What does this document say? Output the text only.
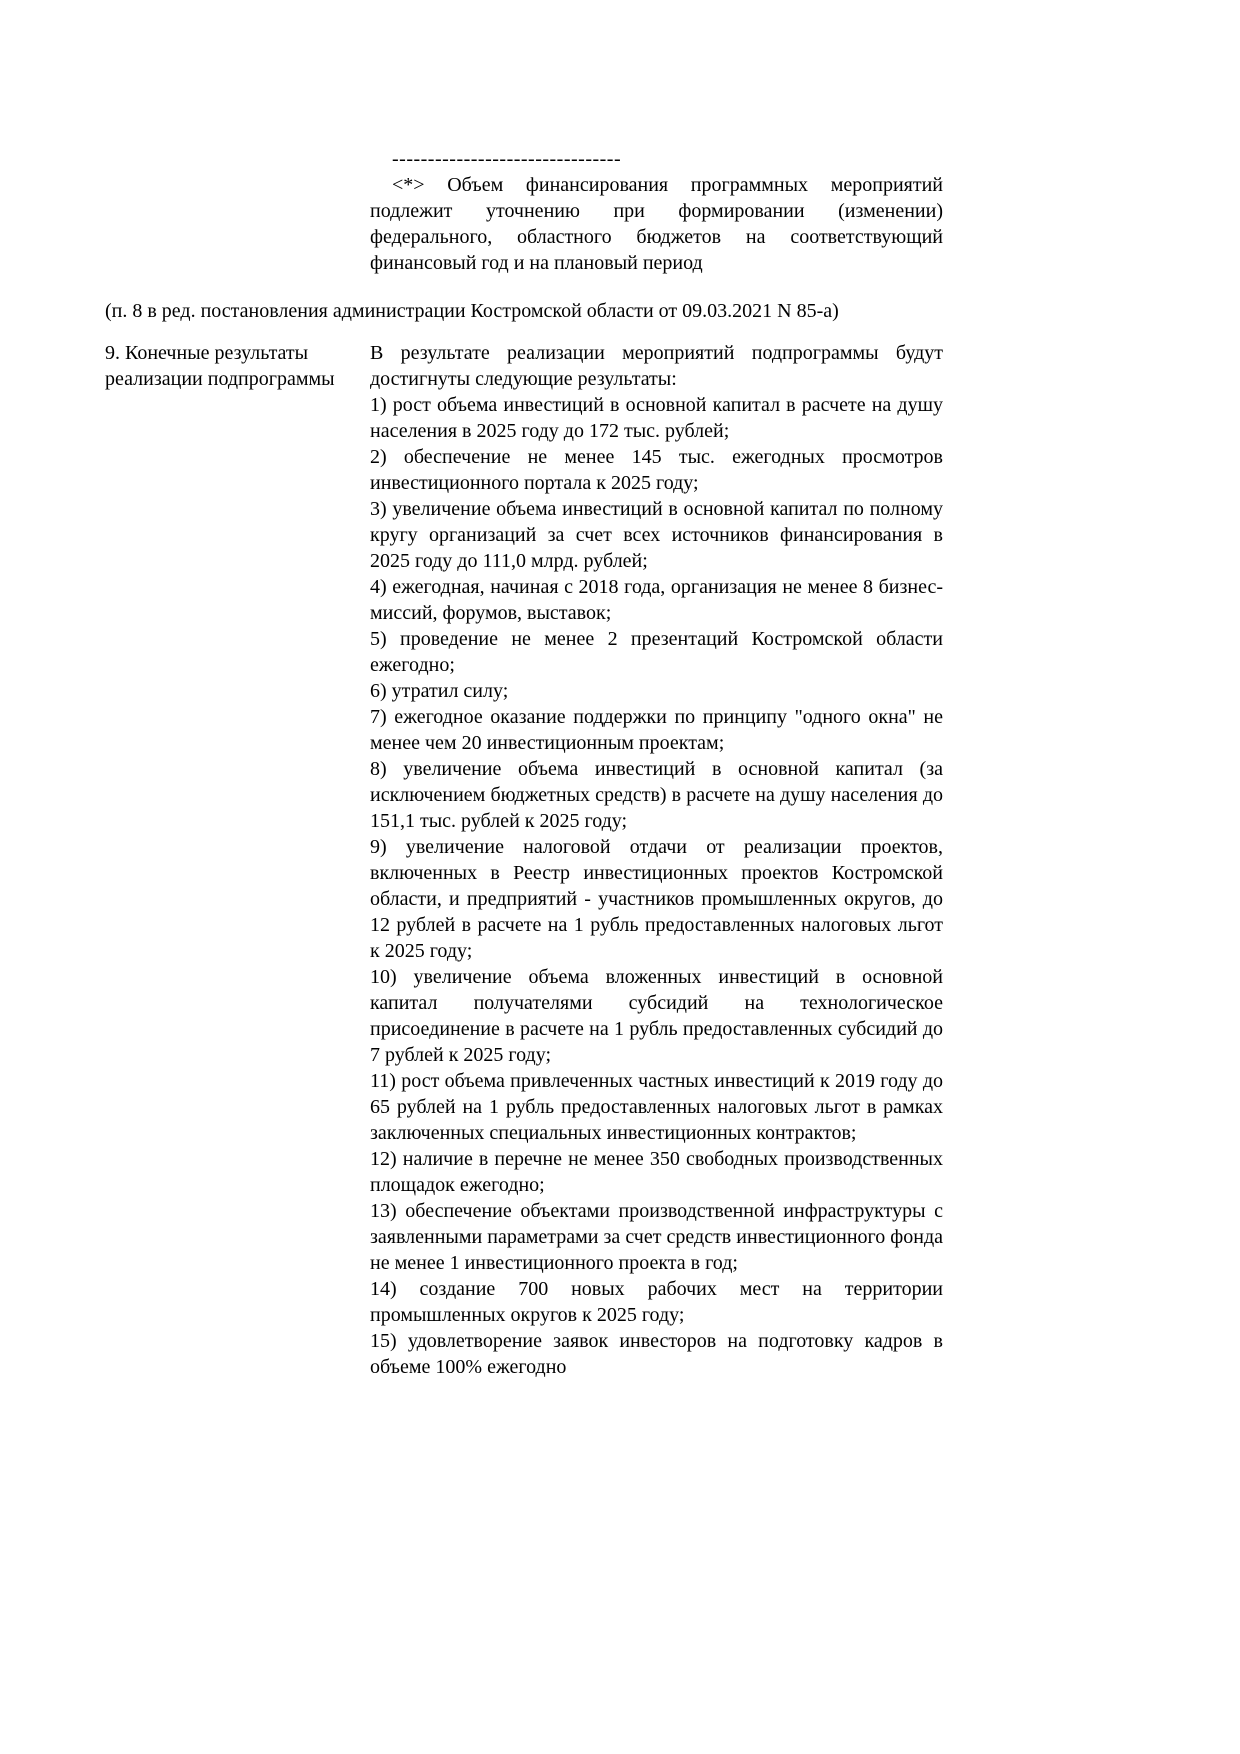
--------------------------------

<*> Объем финансирования программных мероприятий подлежит уточнению при формировании (изменении) федерального, областного бюджетов на соответствующий финансовый год и на плановый период

(п. 8 в ред. постановления администрации Костромской области от 09.03.2021 N 85-а)
9. Конечные результаты реализации подпрограммы

В результате реализации мероприятий подпрограммы будут достигнуты следующие результаты:

1) рост объема инвестиций в основной капитал в расчете на душу населения в 2025 году до 172 тыс. рублей;

2) обеспечение не менее 145 тыс. ежегодных просмотров инвестиционного портала к 2025 году;

3) увеличение объема инвестиций в основной капитал по полному кругу организаций за счет всех источников финансирования в 2025 году до 111,0 млрд. рублей;

4) ежегодная, начиная с 2018 года, организация не менее 8 бизнес-миссий, форумов, выставок;

5) проведение не менее 2 презентаций Костромской области ежегодно;

6) утратил силу;

7) ежегодное оказание поддержки по принципу "одного окна" не менее чем 20 инвестиционным проектам;

8) увеличение объема инвестиций в основной капитал (за исключением бюджетных средств) в расчете на душу населения до 151,1 тыс. рублей к 2025 году;

9) увеличение налоговой отдачи от реализации проектов, включенных в Реестр инвестиционных проектов Костромской области, и предприятий - участников промышленных округов, до 12 рублей в расчете на 1 рубль предоставленных налоговых льгот к 2025 году;

10) увеличение объема вложенных инвестиций в основной капитал получателями субсидий на технологическое присоединение в расчете на 1 рубль предоставленных субсидий до 7 рублей к 2025 году;

11) рост объема привлеченных частных инвестиций к 2019 году до 65 рублей на 1 рубль предоставленных налоговых льгот в рамках заключенных специальных инвестиционных контрактов;

12) наличие в перечне не менее 350 свободных производственных площадок ежегодно;

13) обеспечение объектами производственной инфраструктуры с заявленными параметрами за счет средств инвестиционного фонда не менее 1 инвестиционного проекта в год;

14) создание 700 новых рабочих мест на территории промышленных округов к 2025 году;

15) удовлетворение заявок инвесторов на подготовку кадров в объеме 100% ежегодно
